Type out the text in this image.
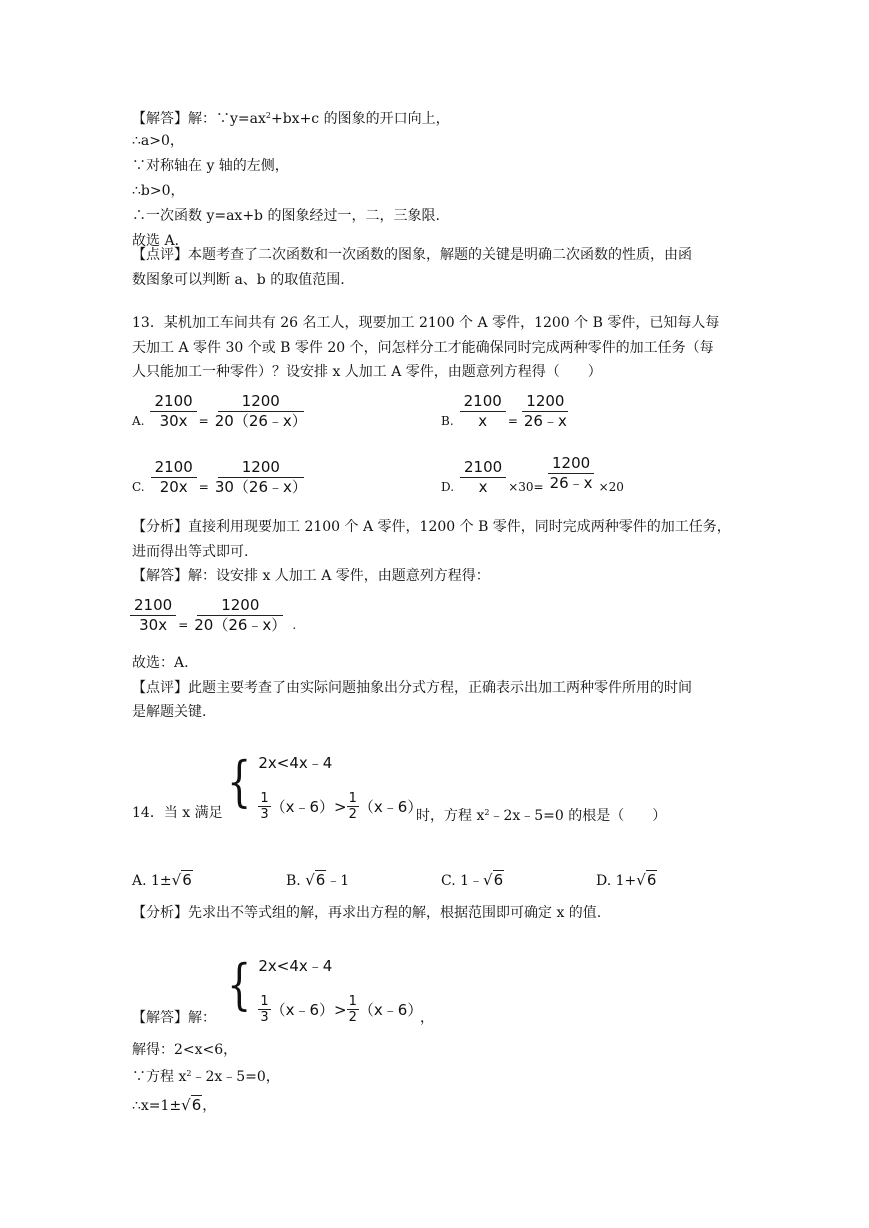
【解答】解：$\because y=ax^2+bx+c$ 的图象的开口向上，
∴a>0，
∵对称轴在 y 轴的左侧，
∴b>0，
∴一次函数 y=ax+b 的图象经过一，二，三象限.
故选 A.
【点评】本题考查了二次函数和一次函数的图象，解题的关键是明确二次函数的性质，由函
数图象可以判断 a、b 的取值范围.
13．某机加工车间共有 26 名工人，现要加工 2100 个 A 零件，1200 个 B 零件，已知每人每
天加工 A 零件 30 个或 B 零件 20 个，问怎样分工才能确保同时完成两种零件的加工任务（每
人只能加工一种零件）？设安排 x 人加工 A 零件，由题意列方程得（　　）
A. $\frac{2100}{30x} = \frac{1200}{20(26﹣x)}$	B. $\frac{2100}{x} = \frac{1200}{26﹣x}$
C. $\frac{2100}{20x} = \frac{1200}{30(26﹣x)}$	D. $\frac{2100}{x} \times 30= \frac{1200}{26﹣x} \times 20$
【分析】直接利用现要加工 2100 个 A 零件，1200 个 B 零件，同时完成两种零件的加工任务，
进而得出等式即可.
【解答】解：设安排 x 人加工 A 零件，由题意列方程得：
$\frac{2100}{30x} = \frac{1200}{20(26﹣x)}$ .
故选：A.
【点评】此题主要考查了由实际问题抽象出分式方程，正确表示出加工两种零件所用的时间
是解题关键.
14．当 x 满足 { 2x<4x﹣4
1
3 （x﹣6）> 1
2 （x﹣6）
时，方程 $x^2﹣2x﹣5=0$ 的根是（　　）
A. 1±√6	B. √6﹣1	C. 1﹣√6	D. 1+√6
【分析】先求出不等式组的解，再求出方程的解，根据范围即可确定 x 的值.
【解答】解：
{ 2x<4x﹣4
1
3 （x﹣6）> 1
2 （x﹣6）
，
解得：2<x<6，
∵方程 $x^2﹣2x﹣5=0$，
∴x=1±√6，
